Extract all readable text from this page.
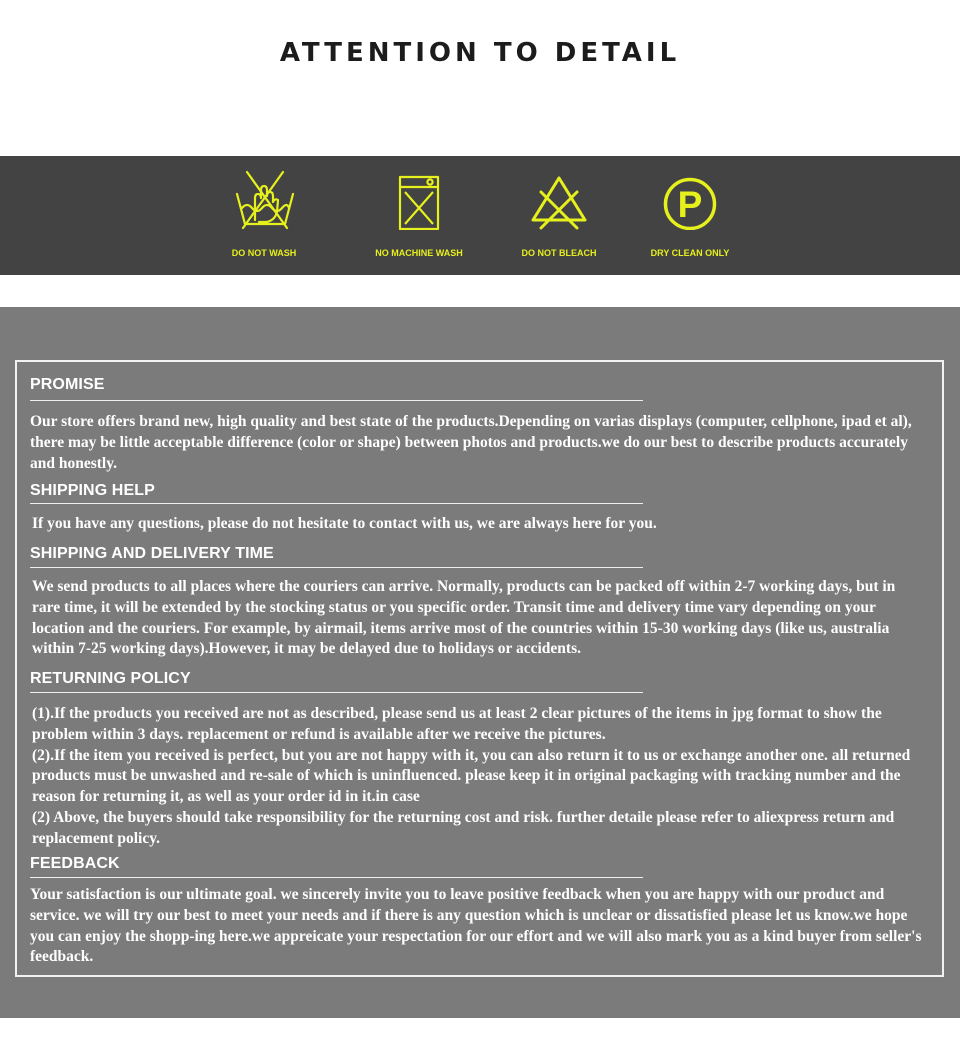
ATTENTION TO DETAIL
DO NOT WASH	NO MACHINE WASH	DO NOT BLEACH
P
DRY CLEAN ONLY
PROMISE
Our store offers brand new, high quality and best state of the products.Depending on varias displays (computer, cellphone, ipad et al), there may be little acceptable difference (color or shape) between photos and products.we do our best to describe products accurately and honestly.
SHIPPING HELP
If you have any questions, please do not hesitate to contact with us, we are always here for you.
SHIPPING AND DELIVERY TIME
We send products to all places where the couriers can arrive. Normally, products can be packed off within 2-7 working days, but in rare time, it will be extended by the stocking status or you specific order. Transit time and delivery time vary depending on your location and the couriers. For example, by airmail, items arrive most of the countries within 15-30 working days (like us, australia within 7-25 working days).However, it may be delayed due to holidays or accidents.
RETURNING POLICY

(1).If the products you received are not as described, please send us at least 2 clear pictures of the items in jpg format to show the problem within 3 days. replacement or refund is available after we receive the pictures.

(2).If the item you received is perfect, but you are not happy with it, you can also return it to us or exchange another one. all returned products must be unwashed and re-sale of which is uninfluenced. please keep it in original packaging with tracking number and the reason for returning it, as well as your order id in it.in case

(2) Above, the buyers should take responsibility for the returning cost and risk. further detaile please refer to aliexpress return and replacement policy.

FEEDBACK
Your satisfaction is our ultimate goal. we sincerely invite you to leave positive feedback when you are happy with our product and service. we will try our best to meet your needs and if there is any question which is unclear or dissatisfied please let us know.we hope you can enjoy the shopp-ing here.we appreicate your respectation for our effort and we will also mark you as a kind buyer from seller's feedback.
